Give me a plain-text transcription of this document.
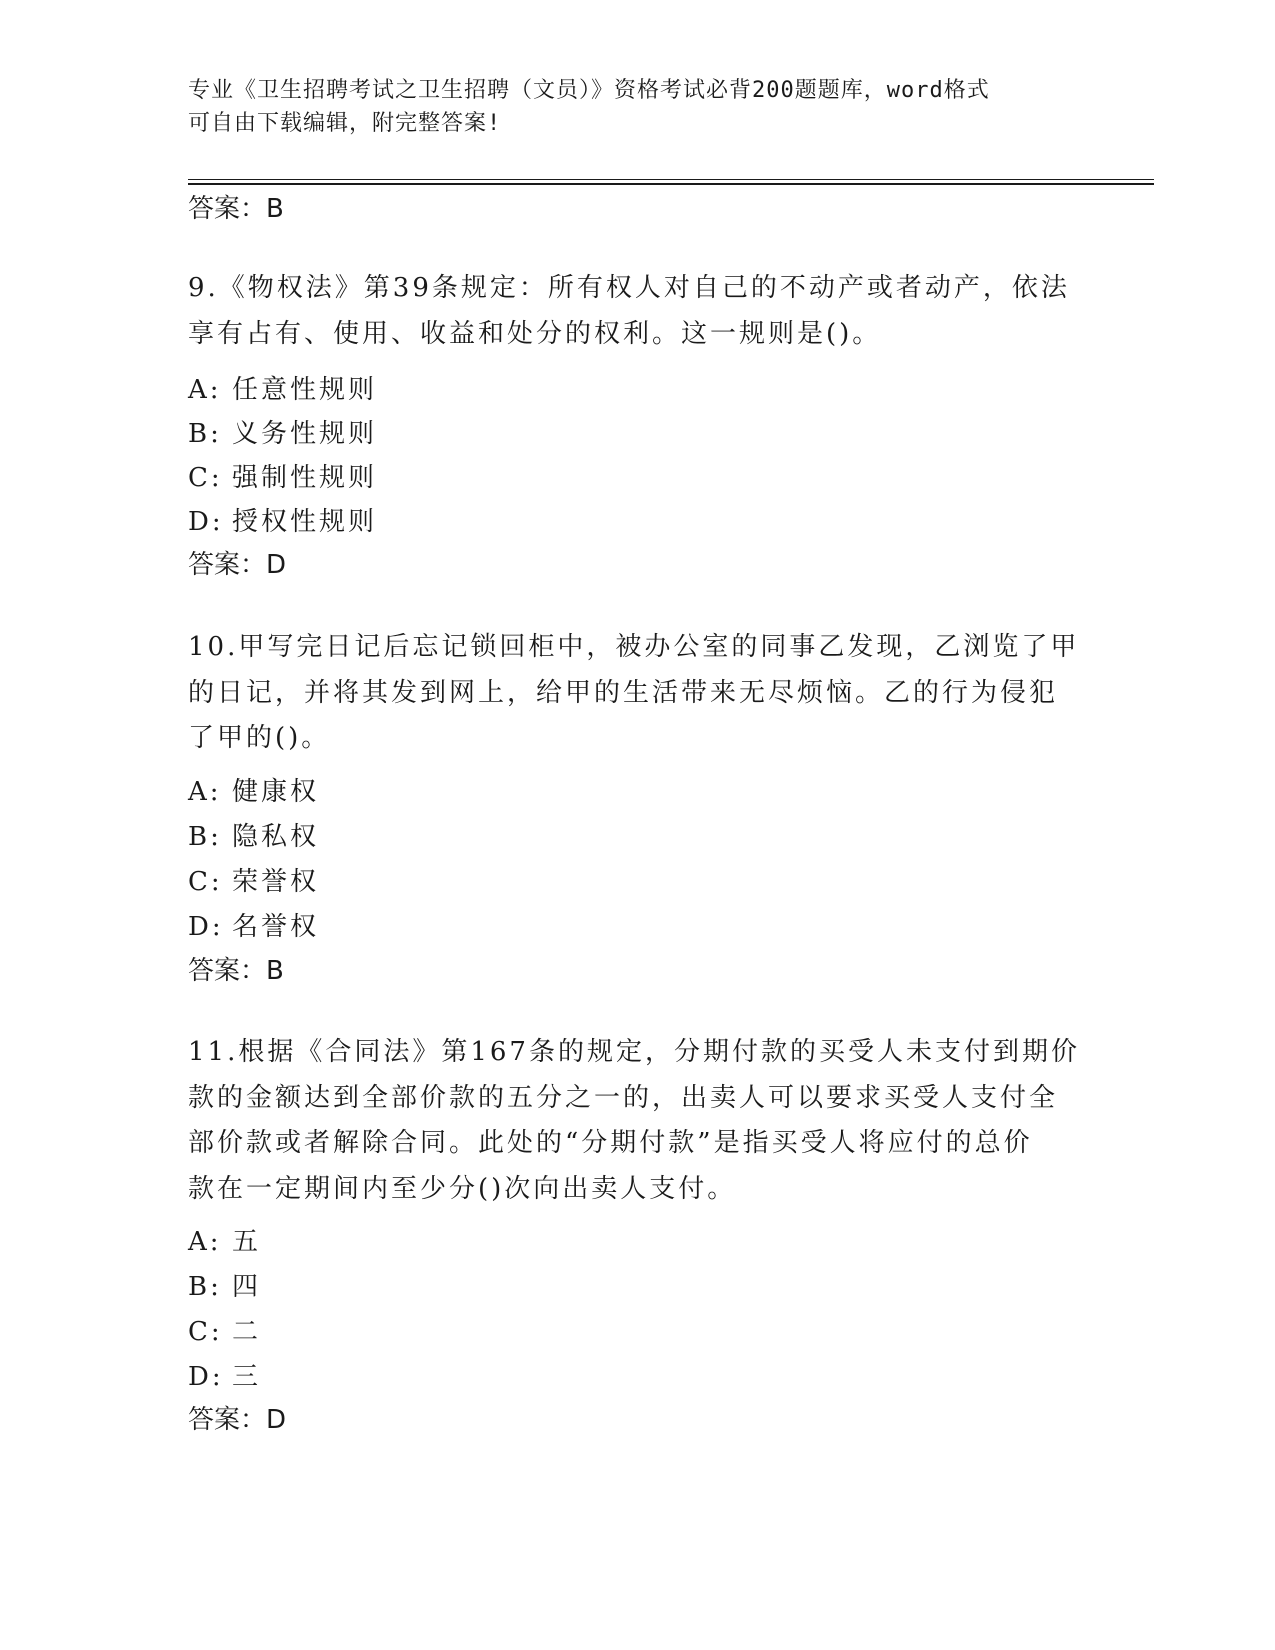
专业《卫生招聘考试之卫生招聘（文员）》资格考试必背200题题库，word格式
可自由下载编辑，附完整答案!
答案：B
9.《物权法》第39条规定：所有权人对自己的不动产或者动产，依法
享有占有、使用、收益和处分的权利。这一规则是()。
A: 任意性规则
B: 义务性规则
C: 强制性规则
D: 授权性规则
答案：D
10.甲写完日记后忘记锁回柜中，被办公室的同事乙发现，乙浏览了甲
的日记，并将其发到网上，给甲的生活带来无尽烦恼。乙的行为侵犯
了甲的()。
A: 健康权
B: 隐私权
C: 荣誉权
D: 名誉权
答案：B
11.根据《合同法》第167条的规定，分期付款的买受人未支付到期价
款的金额达到全部价款的五分之一的，出卖人可以要求买受人支付全
部价款或者解除合同。此处的“分期付款”是指买受人将应付的总价
款在一定期间内至少分()次向出卖人支付。
A: 五
B: 四
C: 二
D: 三
答案：D
